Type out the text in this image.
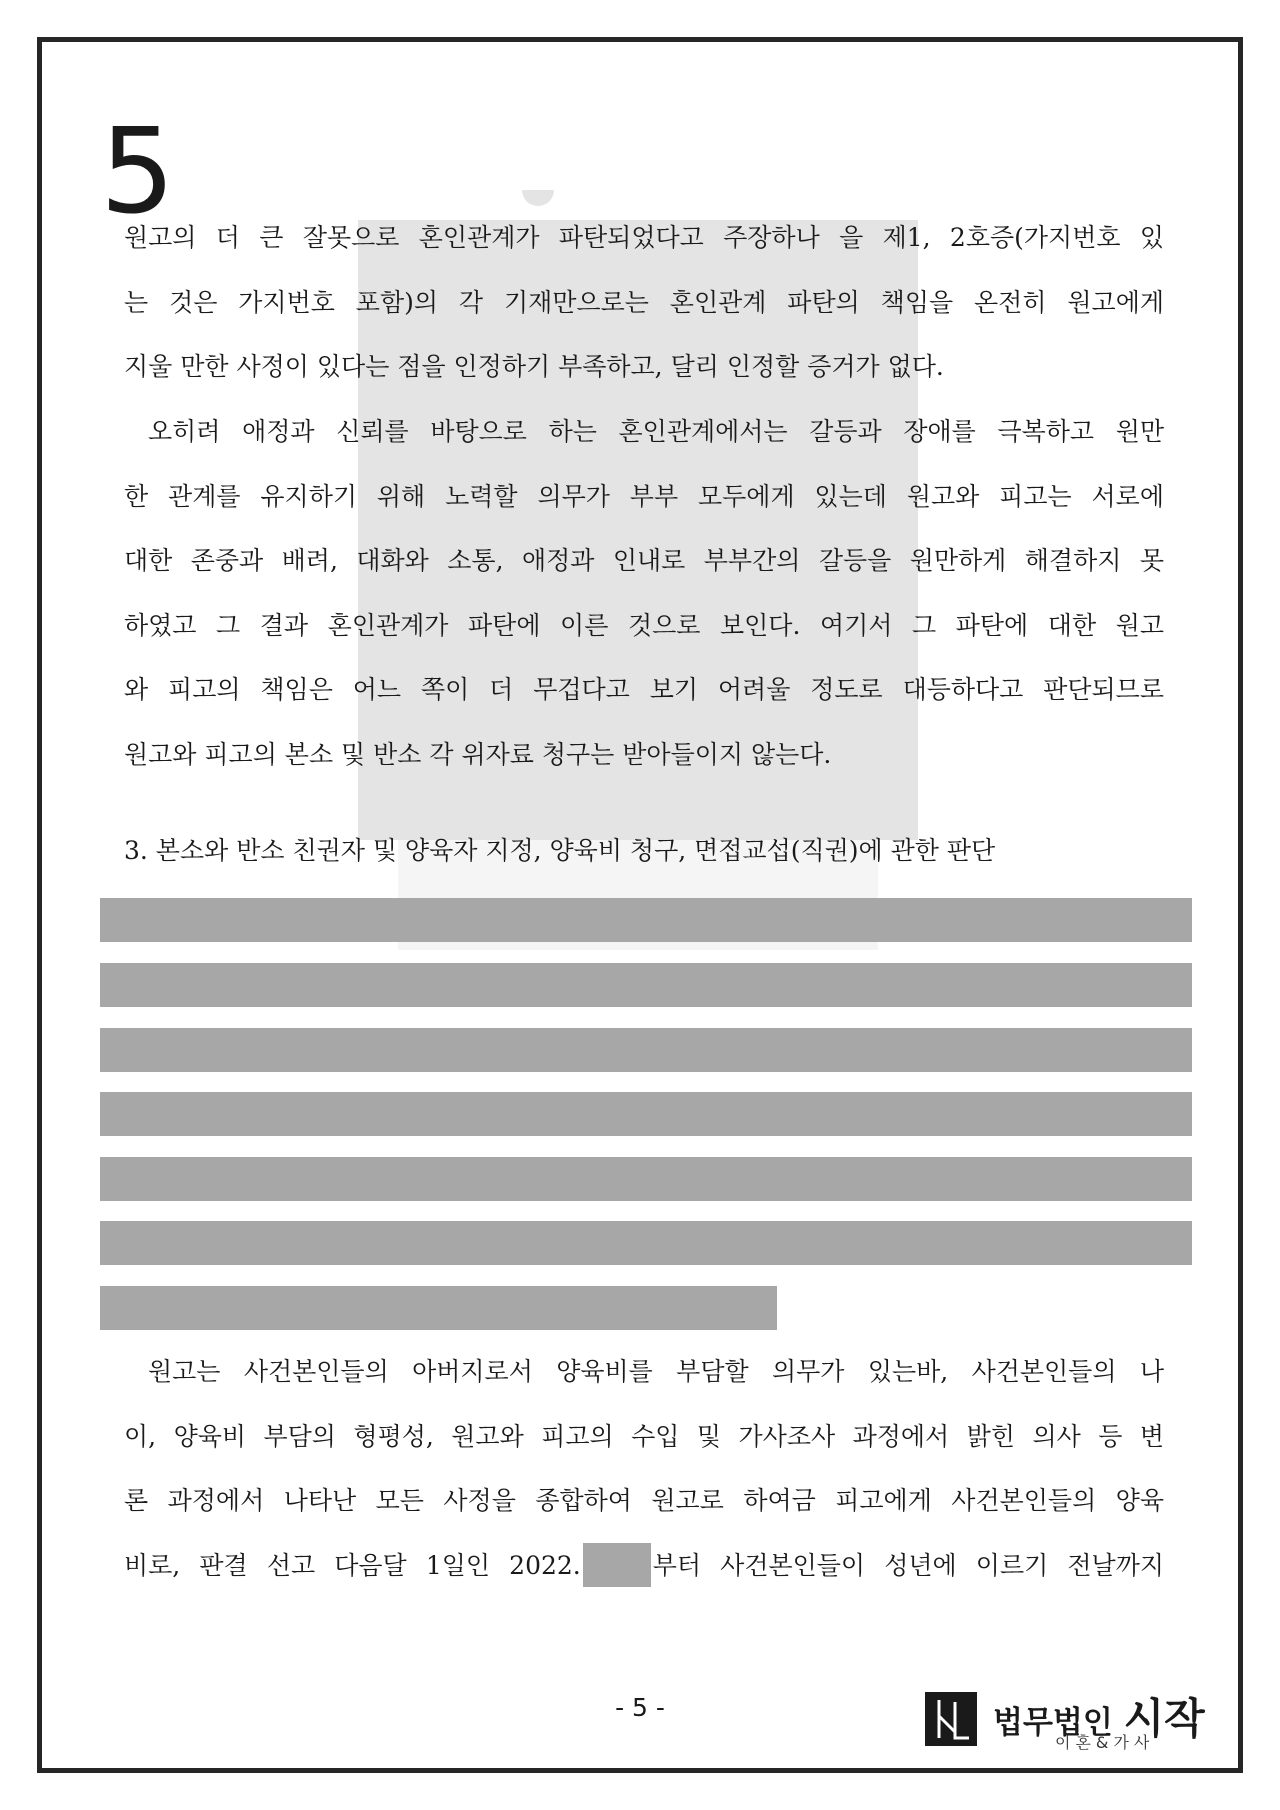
5
원고의 더 큰 잘못으로 혼인관계가 파탄되었다고 주장하나 을 제1, 2호증(가지번호 있
는 것은 가지번호 포함)의 각 기재만으로는 혼인관계 파탄의 책임을 온전히 원고에게
지울 만한 사정이 있다는 점을 인정하기 부족하고, 달리 인정할 증거가 없다.
오히려 애정과 신뢰를 바탕으로 하는 혼인관계에서는 갈등과 장애를 극복하고 원만
한 관계를 유지하기 위해 노력할 의무가 부부 모두에게 있는데 원고와 피고는 서로에
대한 존중과 배려, 대화와 소통, 애정과 인내로 부부간의 갈등을 원만하게 해결하지 못
하였고 그 결과 혼인관계가 파탄에 이른 것으로 보인다. 여기서 그 파탄에 대한 원고
와 피고의 책임은 어느 쪽이 더 무겁다고 보기 어려울 정도로 대등하다고 판단되므로
원고와 피고의 본소 및 반소 각 위자료 청구는 받아들이지 않는다.
3. 본소와 반소 친권자 및 양육자 지정, 양육비 청구, 면접교섭(직권)에 관한 판단
원고는 사건본인들의 아버지로서 양육비를 부담할 의무가 있는바, 사건본인들의 나
이, 양육비 부담의 형평성, 원고와 피고의 수입 및 가사조사 과정에서 밝힌 의사 등 변
론 과정에서 나타난 모든 사정을 종합하여 원고로 하여금 피고에게 사건본인들의 양육
비로, 판결 선고 다음달 1일인 2022.	부터 사건본인들이 성년에 이르기 전날까지
- 5 -	법무법인 시작
이혼&가사
